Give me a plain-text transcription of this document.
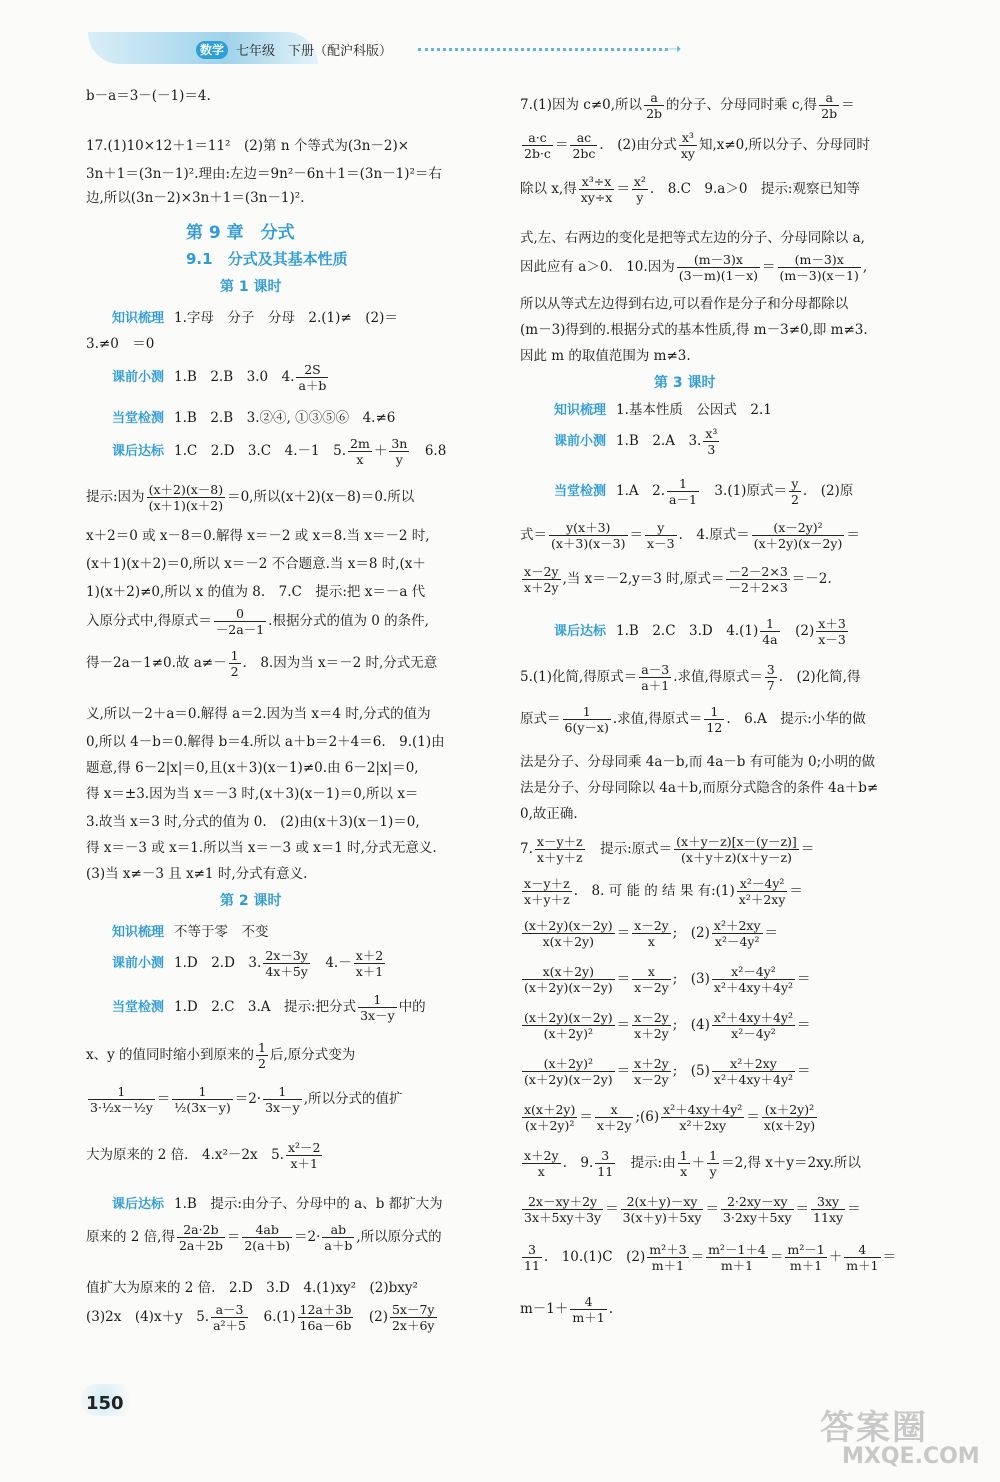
数学 七年级　下册（配沪科版）	➝
b－a＝3－(－1)＝4.
17.(1)10×12＋1＝11²　(2)第 n 个等式为(3n－2)×
3n＋1＝(3n－1)².理由:左边＝9n²－6n＋1＝(3n－1)²＝右
边,所以(3n－2)×3n＋1＝(3n－1)².
第 9 章　分式
9.1　分式及其基本性质
第 1 课时
知识梳理 1.字母　分子　分母　2.(1)≠　(2)＝
3.≠0　＝0
课前小测 1.B　2.B　3.0　4. $\frac{2S}{a+b}$
当堂检测 1.B　2.B　3.②④, ①③⑤⑥　4.≠6
课后达标 1.C　2.D　3.C　4.－1　5. $\frac{2m}{x} + \frac{3n}{y}$ 　6.8
提示:因为 $\frac{(x+2)(x-8)}{(x+1)(x+2)} =0$,所以(x＋2)(x－8)＝0.所以
x＋2＝0 或 x－8＝0.解得 x＝－2 或 x＝8.当 x＝－2 时,
(x＋1)(x＋2)＝0,所以 x＝－2 不合题意.当 x＝8 时,(x＋
1)(x＋2)≠0,所以 x 的值为 8.　7.C　提示:把 x＝－a 代
入原分式中,得原式＝ $\frac{0}{-2a-1}$ .根据分式的值为 0 的条件,
得－2a－1≠0.故 $a\ne- \frac{1}{2}$ .　8.因为当 x＝－2 时,分式无意
义,所以－2＋a＝0.解得 a＝2.因为当 x＝4 时,分式的值为
0,所以 4－b＝0.解得 b＝4.所以 a＋b＝2＋4＝6.　9.(1)由
题意,得 6－2|x|＝0,且(x＋3)(x－1)≠0.由 6－2|x|＝0,
得 x＝±3.因为当 x＝－3 时,(x＋3)(x－1)＝0,所以 x＝
3.故当 x＝3 时,分式的值为 0.　(2)由(x＋3)(x－1)＝0,
得 x＝－3 或 x＝1.所以当 x＝－3 或 x＝1 时,分式无意义.
(3)当 x≠－3 且 x≠1 时,分式有意义.
第 2 课时
知识梳理 不等于零　不变
课前小测 1.D　2.D　3. $\frac{2x-3y}{4x+5y}$ 　$4.- \frac{x+2}{x+1}$
当堂检测 1.D　2.C　3.A　提示:把分式 $\frac{1}{3x-y}$ 中的
x、y 的值同时缩小到原来的 $\frac{1}{2}$ 后,原分式变为
$\frac{1}{\text{3·½x－½y}} = \frac{1}{\text{½(3x－y)}} =2\cdot \frac{1}{3x-y}$ ,所以分式的值扩
大为原来的 2 倍.　4.x²－2x　5. $\frac{\text{x²－2}}{x+1}$
课后达标 1.B　提示:由分子、分母中的 a、b 都扩大为
原来的 2 倍,得 $\frac{2a\cdot 2b}{2a+2b} = \frac{4ab}{2(a+b)} =2\cdot \frac{ab}{a+b}$ ,所以原分式的
值扩大为原来的 2 倍.　2.D　3.D　4.(1)xy²　(2)bxy²
(3)2x　(4)x＋y　5. $\frac{a-3}{\text{a²＋5}}$ 　$6.(1) \frac{12a+3b}{16a-6b}$ 　$(2) \frac{5x-7y}{2x+6y}$
7.(1)因为 c≠0,所以 $\frac{a}{2b}$ 的分子、分母同时乘 c,得 $\frac{a}{2b}$ ＝
$\frac{a\cdot c}{2b\cdot c} = \frac{ac}{2bc}$ .　(2)由分式 $\frac{\text{x³}}{xy}$ 知,x≠0,所以分子、分母同时
除以 x,得 $\frac{\text{x³÷x}}{xy\div x} = \frac{\text{x²}}{y}$ .　8.C　9.a＞0　提示:观察已知等
式,左、右两边的变化是把等式左边的分子、分母同除以 a,
因此应有 a＞0.　10.因为 $\frac{(m-3)x}{(3-m)(1-x)} = \frac{(m-3)x}{(m-3)(x-1)}$ ,
所以从等式左边得到右边,可以看作是分子和分母都除以
(m－3)得到的.根据分式的基本性质,得 m－3≠0,即 m≠3.
因此 m 的取值范围为 m≠3.
第 3 课时
知识梳理 1.基本性质　公因式　2.1
课前小测 1.B　2.A　3. $\frac{\text{x³}}{3}$
当堂检测 1.A　2. $\frac{1}{a-1}$ 　3.(1)原式＝ $\frac{y}{2}$ .　(2)原
式＝ $\frac{y(x+3)}{(x+3)(x-3)} = \frac{y}{x-3}$ .　4.原式＝ $\frac{\text{(x－2y)²}}{(x+2y)(x-2y)}$ ＝
$\frac{x-2y}{x+2y}$ ,当 x＝－2,y＝3 时,原式＝ $\frac{-2-2\times 3}{-2+2\times 3} =-2$.
课后达标 1.B　2.C　3.D　$4.(1) \frac{1}{4a}$ 　$(2) \frac{x+3}{x-3}$
5.(1)化简,得原式＝ $\frac{a-3}{a+1}$ .求值,得原式＝ $\frac{3}{7}$ .　(2)化简,得
原式＝ $\frac{1}{6(y-x)}$ .求值,得原式＝ $\frac{1}{12}$ .　6.A　提示:小华的做
法是分子、分母同乘 4a－b,而 4a－b 有可能为 0;小明的做
法是分子、分母同除以 4a＋b,而原分式隐含的条件 4a＋b≠
0,故正确.
7. $\frac{x-y+z}{x+y+z}$ 　提示:原式＝ $\frac{(x+y-z)[x-(y-z)]}{(x+y+z)(x+y-z)}$ ＝
$\frac{x-y+z}{x+y+z}$ .　8. 可 能 的 结 果 有:(1) $\frac{\text{x²－4y²}}{\text{x²＋2xy}}$ ＝
$\frac{(x+2y)(x-2y)}{x(x+2y)} = \frac{x-2y}{x}$ ;　$(2) \frac{\text{x²＋2xy}}{\text{x²－4y²}}$ ＝
$\frac{x(x+2y)}{(x+2y)(x-2y)} = \frac{x}{x-2y}$ ;　$(3) \frac{\text{x²－4y²}}{\text{x²＋4xy＋4y²}}$ ＝
$\frac{(x+2y)(x-2y)}{\text{(x＋2y)²}} = \frac{x-2y}{x+2y}$ ;　$(4) \frac{\text{x²＋4xy＋4y²}}{\text{x²－4y²}}$ ＝
$\frac{\text{(x＋2y)²}}{(x+2y)(x-2y)} = \frac{x+2y}{x-2y}$ ;　$(5) \frac{\text{x²＋2xy}}{\text{x²＋4xy＋4y²}}$ ＝
$\frac{x(x+2y)}{\text{(x＋2y)²}} = \frac{x}{x+2y}$ ;(6) $\frac{\text{x²＋4xy＋4y²}}{\text{x²＋2xy}} = \frac{\text{(x＋2y)²}}{x(x+2y)}$
$\frac{x+2y}{x}$ .　9. $\frac{3}{11}$ 　提示:由 $\frac{1}{x} + \frac{1}{y} =2$,得 x＋y＝2xy.所以
$\frac{2x-xy+2y}{3x+5xy+3y} = \frac{2(x+y)-xy}{3(x+y)+5xy} = \frac{2\cdot 2xy-xy}{3\cdot 2xy+5xy} = \frac{3xy}{11xy}$ ＝
$\frac{3}{11}$ .　10.(1)C　$(2) \frac{\text{m²＋3}}{m+1} = \frac{\text{m²－1＋4}}{m+1} = \frac{\text{m²－1}}{m+1} + \frac{4}{m+1}$ ＝
$m-1+ \frac{4}{m+1}$ .
150
答案圈
MXQE.COM
